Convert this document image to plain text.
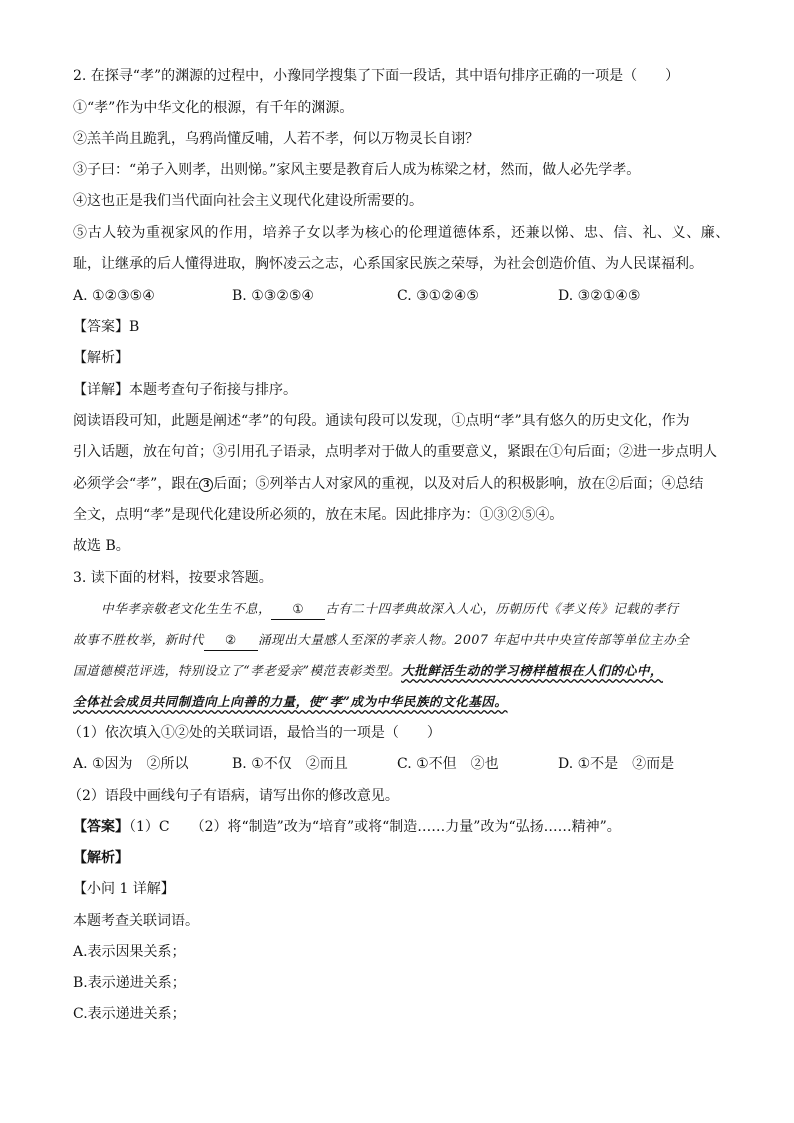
2. 在探寻“孝”的渊源的过程中，小豫同学搜集了下面一段话，其中语句排序正确的一项是（　　）
①“孝”作为中华文化的根源，有千年的渊源。
②羔羊尚且跪乳，乌鸦尚懂反哺，人若不孝，何以万物灵长自诩？
③子曰：“弟子入则孝，出则悌。”家风主要是教育后人成为栋梁之材，然而，做人必先学孝。
④这也正是我们当代面向社会主义现代化建设所需要的。
⑤古人较为重视家风的作用，培养子女以孝为核心的伦理道德体系，还兼以悌、忠、信、礼、义、廉、
耻，让继承的后人懂得进取，胸怀凌云之志，心系国家民族之荣辱，为社会创造价值、为人民谋福利。
A. ①②③⑤④	B. ①③②⑤④	C. ③①②④⑤	D. ③②①④⑤
【答案】B
【解析】
【详解】本题考查句子衔接与排序。
阅读语段可知，此题是阐述“孝”的句段。通读句段可以发现，①点明“孝”具有悠久的历史文化，作为
引入话题，放在句首；③引用孔子语录，点明孝对于做人的重要意义，紧跟在①句后面；②进一步点明人
必须学会“孝”，跟在 3 后面；⑤列举古人对家风的重视，以及对后人的积极影响，放在②后面；④总结
全文，点明“孝”是现代化建设所必须的，放在末尾。因此排序为：①③②⑤④。
故选 B。
3. 读下面的材料，按要求答题。
中华孝亲敬老文化生生不息， ① 古有二十四孝典故深入人心，历朝历代《孝义传》记载的孝行
故事不胜枚举，新时代 ② 涌现出大量感人至深的孝亲人物。2007 年起中共中央宣传部等单位主办全
国道德模范评选，特别设立了“孝老爱亲”模范表彰类型。大批鲜活生动的学习榜样植根在人们的心中，
全体社会成员共同制造向上向善的力量，使“孝”成为中华民族的文化基因。
（1）依次填入①②处的关联词语，最恰当的一项是（　　）
A. ①因为　②所以	B. ①不仅　②而且	C. ①不但　②也	D. ①不是　②而是
（2）语段中画线句子有语病，请写出你的修改意见。
【答案】（1）C　　（2）将“制造”改为“培育”或将“制造……力量”改为“弘扬……精神”。
【解析】
【小问 1 详解】
本题考查关联词语。
A.表示因果关系；
B.表示递进关系；
C.表示递进关系；
